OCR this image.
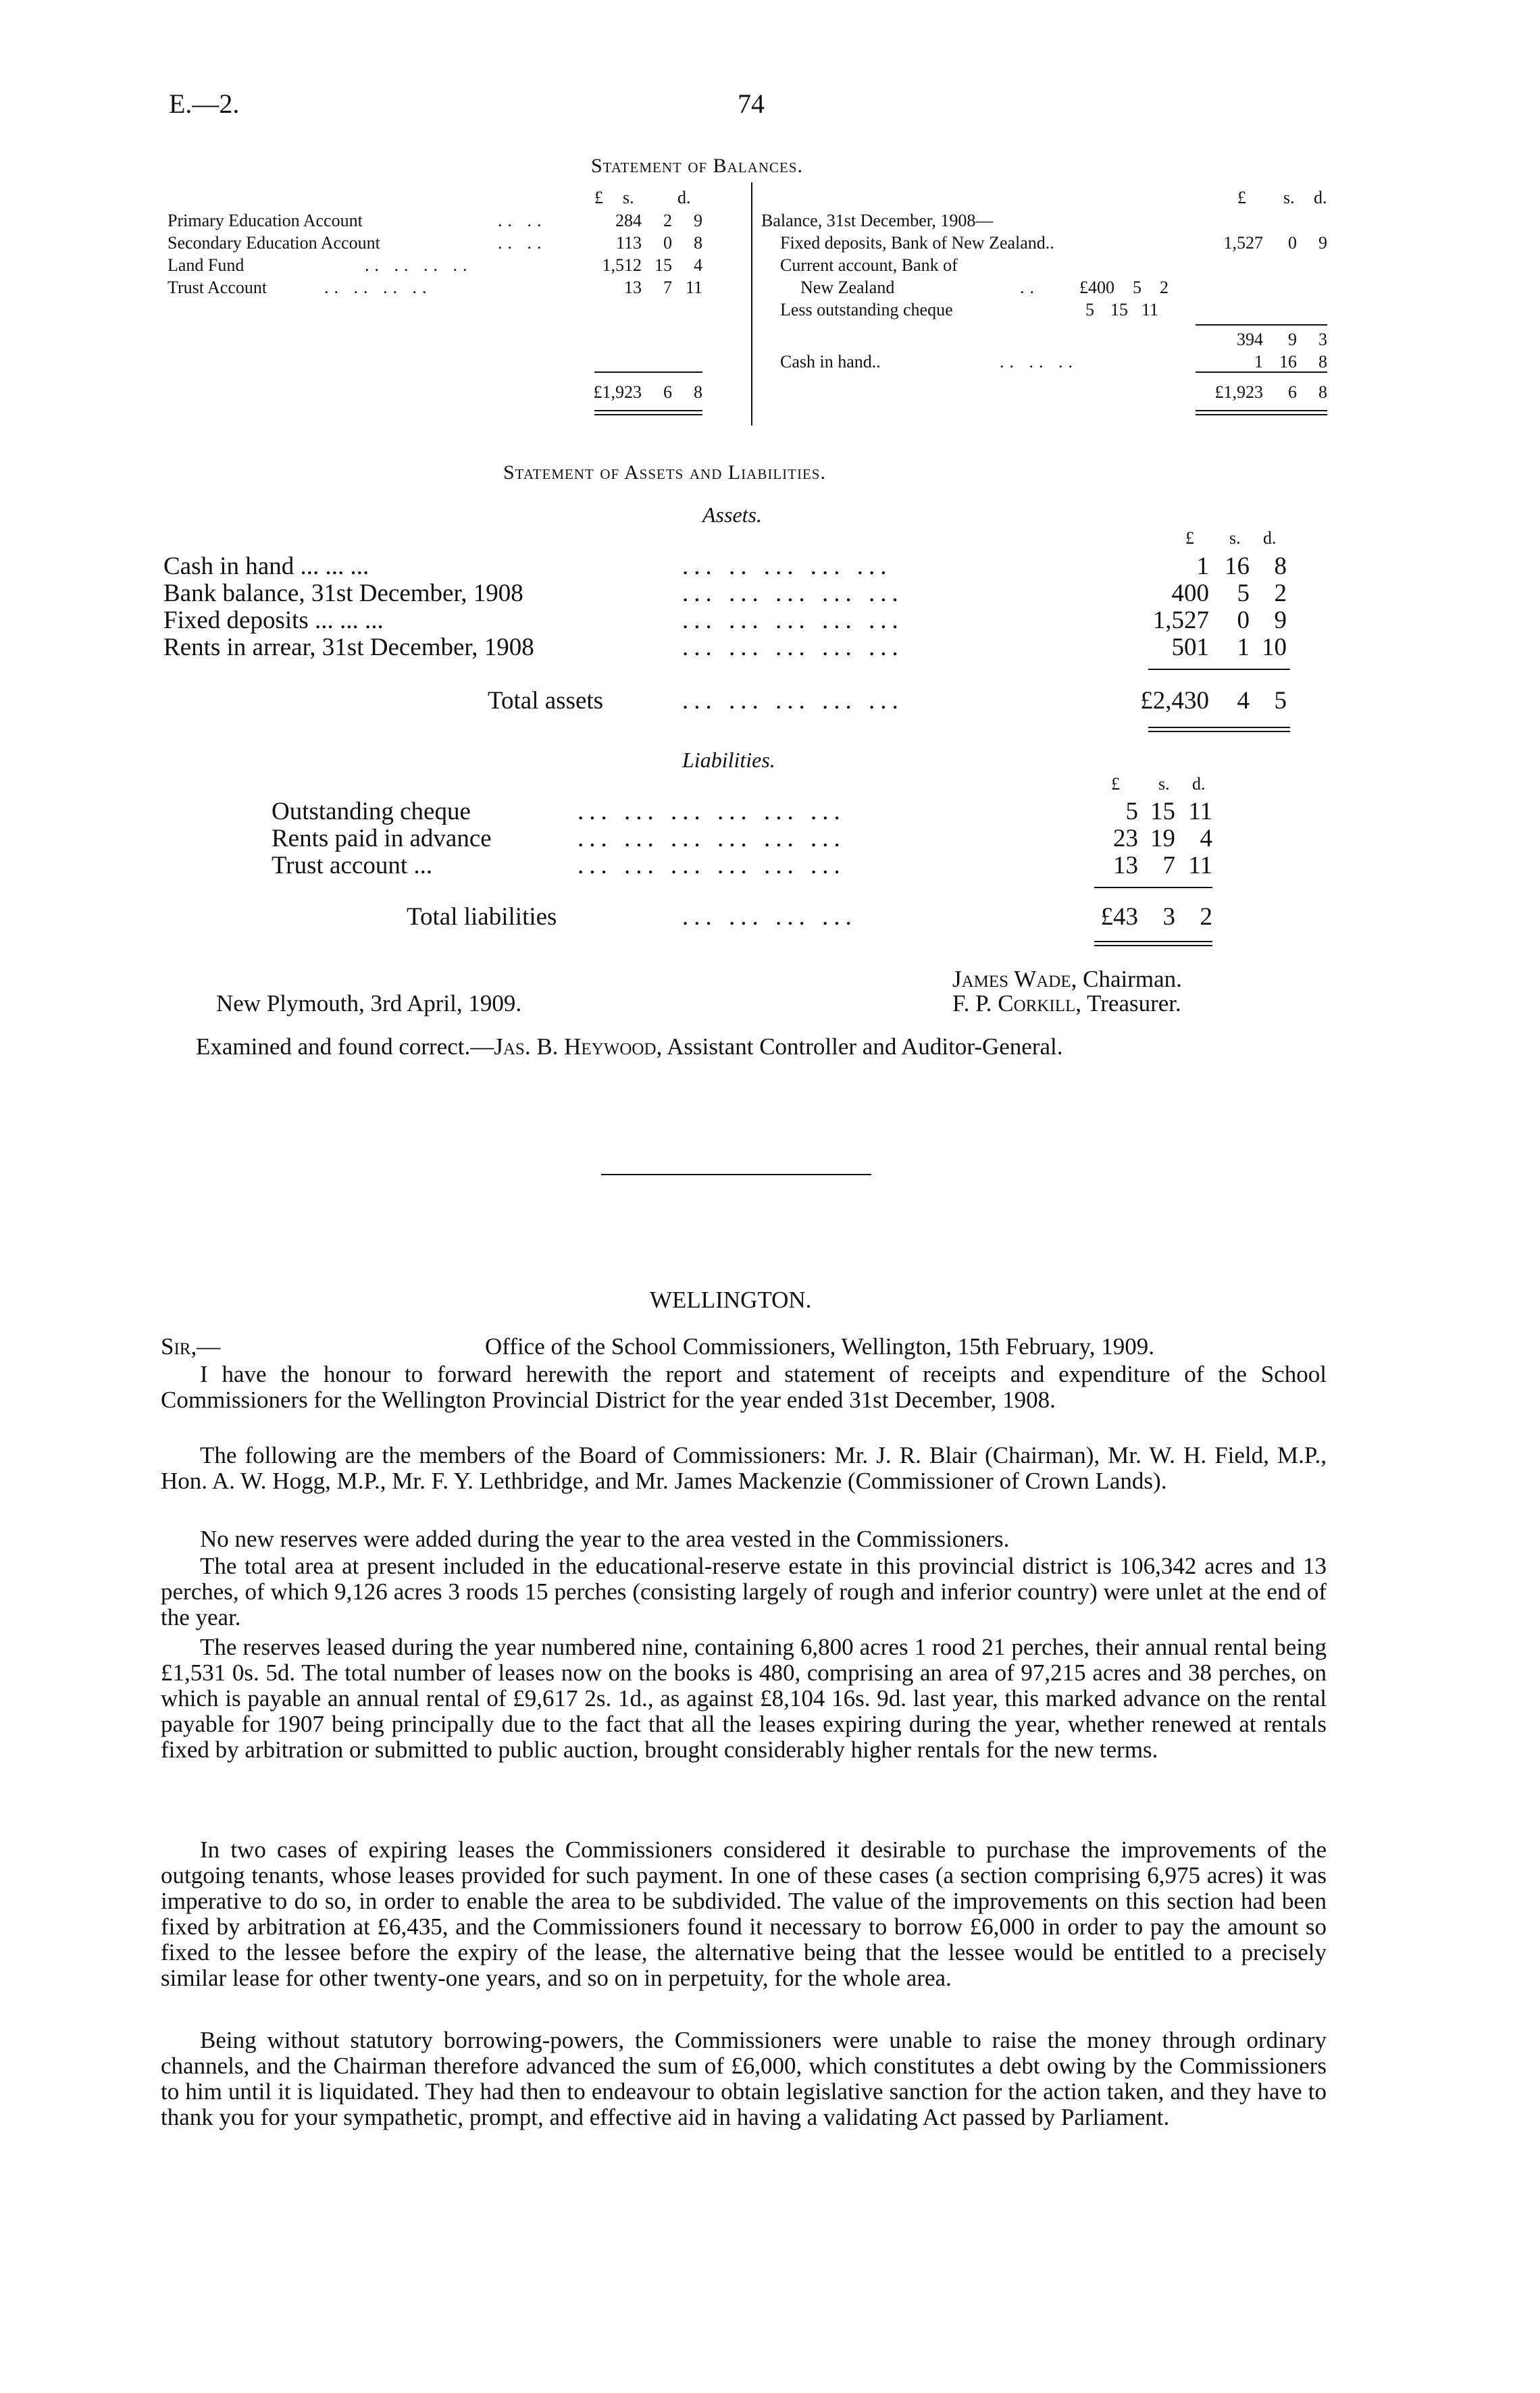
E.—2.	74
Statement of Balances.
£ s. d.	£ s. d.
Primary Education Account	.. ..	284	2	9
Secondary Education Account	.. ..	113	0	8
Land Fund	.. .. .. ..	1,512 15	4
Trust Account	.. .. .. ..	13	7 11
£1,923	6	8
Balance, 31st December, 1908—
Fixed deposits, Bank of New Zealand..	1,527	0	9
Current account, Bank of
New Zealand	..	£400	5	2
Less outstanding cheque	5 15 11
394	9	3
Cash in hand..	.. .. ..	1 16	8
£1,923	6	8
Statement of Assets and Liabilities.
Assets.
£ s. d.
Cash in hand ... ... ...	... .. ... ... ...	1 16 8
Bank balance, 31st December, 1908	... ... ... ... ...	400	5 2
Fixed deposits ... ... ...	... ... ... ... ...	1,527	0 9
Rents in arrear, 31st December, 1908	... ... ... ... ...	501	1 10
Total assets	... ... ... ... ...	£2,430	4 5
Liabilities.
£ s. d.
Outstanding cheque	... ... ... ... ... ...	5 15 11
Rents paid in advance	... ... ... ... ... ...	23 19 4
Trust account ...	... ... ... ... ... ...	13 7 11
Total liabilities	... ... ... ...	£43 3 2
James Wade, Chairman.
New Plymouth, 3rd April, 1909.	F. P. Corkill, Treasurer.
Examined and found correct.—Jas. B. Heywood, Assistant Controller and Auditor-General.
WELLINGTON.
Sir,—	Office of the School Commissioners, Wellington, 15th February, 1909.

I have the honour to forward herewith the report and statement of receipts and expenditure of the School Commissioners for the Wellington Provincial District for the year ended 31st December, 1908.

The following are the members of the Board of Commissioners: Mr. J. R. Blair (Chairman), Mr. W. H. Field, M.P., Hon. A. W. Hogg, M.P., Mr. F. Y. Lethbridge, and Mr. James Mackenzie (Commissioner of Crown Lands).

No new reserves were added during the year to the area vested in the Commissioners.

The total area at present included in the educational-reserve estate in this provincial district is 106,342 acres and 13 perches, of which 9,126 acres 3 roods 15 perches (consisting largely of rough and inferior country) were unlet at the end of the year.

The reserves leased during the year numbered nine, containing 6,800 acres 1 rood 21 perches, their annual rental being £1,531 0s. 5d. The total number of leases now on the books is 480, comprising an area of 97,215 acres and 38 perches, on which is payable an annual rental of £9,617 2s. 1d., as against £8,104 16s. 9d. last year, this marked advance on the rental payable for 1907 being principally due to the fact that all the leases expiring during the year, whether renewed at rentals fixed by arbitration or submitted to public auction, brought considerably higher rentals for the new terms.

In two cases of expiring leases the Commissioners considered it desirable to purchase the improvements of the outgoing tenants, whose leases provided for such payment. In one of these cases (a section comprising 6,975 acres) it was imperative to do so, in order to enable the area to be subdivided. The value of the improvements on this section had been fixed by arbitration at £6,435, and the Commissioners found it necessary to borrow £6,000 in order to pay the amount so fixed to the lessee before the expiry of the lease, the alternative being that the lessee would be entitled to a precisely similar lease for other twenty-one years, and so on in perpetuity, for the whole area.

Being without statutory borrowing-powers, the Commissioners were unable to raise the money through ordinary channels, and the Chairman therefore advanced the sum of £6,000, which constitutes a debt owing by the Commissioners to him until it is liquidated. They had then to endeavour to obtain legislative sanction for the action taken, and they have to thank you for your sympathetic, prompt, and effective aid in having a validating Act passed by Parliament.
